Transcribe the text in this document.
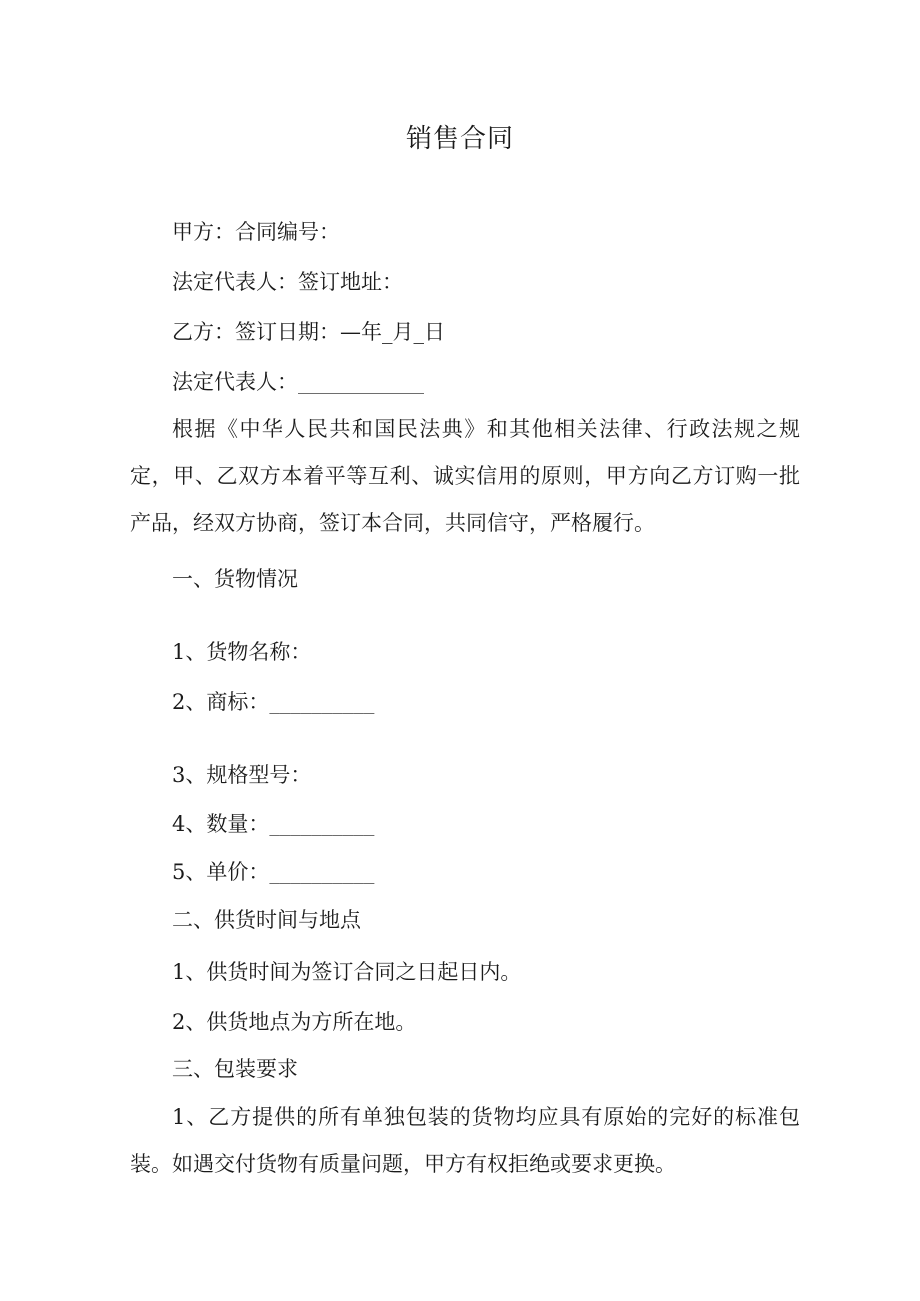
销售合同
甲方：合同编号：
法定代表人：签订地址：
乙方：签订日期：—年_月_日
法定代表人：____________
根据《中华人民共和国民法典》和其他相关法律、行政法规之规定，甲、乙双方本着平等互利、诚实信用的原则，甲方向乙方订购一批产品，经双方协商，签订本合同，共同信守，严格履行。
一、货物情况
1、货物名称：
2、商标：__________
3、规格型号：
4、数量：__________
5、单价：__________
二、供货时间与地点
1、供货时间为签订合同之日起日内。
2、供货地点为方所在地。
三、包装要求
1、乙方提供的所有单独包装的货物均应具有原始的完好的标准包装。如遇交付货物有质量问题，甲方有权拒绝或要求更换。
